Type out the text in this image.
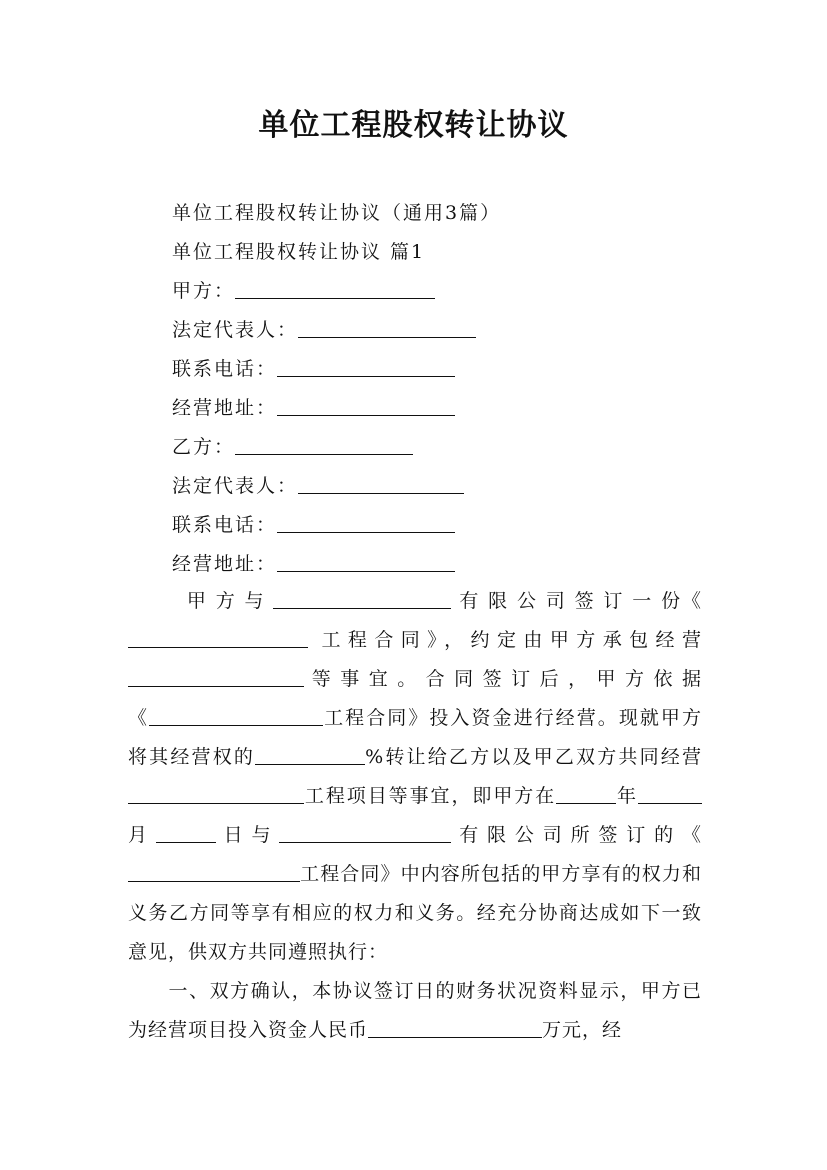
单位工程股权转让协议
单位工程股权转让协议（通用3篇）
单位工程股权转让协议 篇1
甲方：
法定代表人：
联系电话：
经营地址：
乙方：
法定代表人：
联系电话：
经营地址：

甲 方 与	有 限 公 司 签 订 一 份《 工程合同》，约定由甲方承包经营 等 事 宜 。 合 同 签 订 后 ， 甲 方 依 据《	工程合同》投入资金进行经营。现就甲方将其经营权的	%转让给乙方以及甲乙双方共同经营工程项目等事宜，即甲方在	年月	日与	有限公司所签订的《工程合同》中内容所包括的甲方享有的权力和义务乙方同等享有相应的权力和义务。经充分协商达成如下一致意见，供双方共同遵照执行：

一、双方确认，本协议签订日的财务状况资料显示，甲方已为经营项目投入资金人民币	万元，经
